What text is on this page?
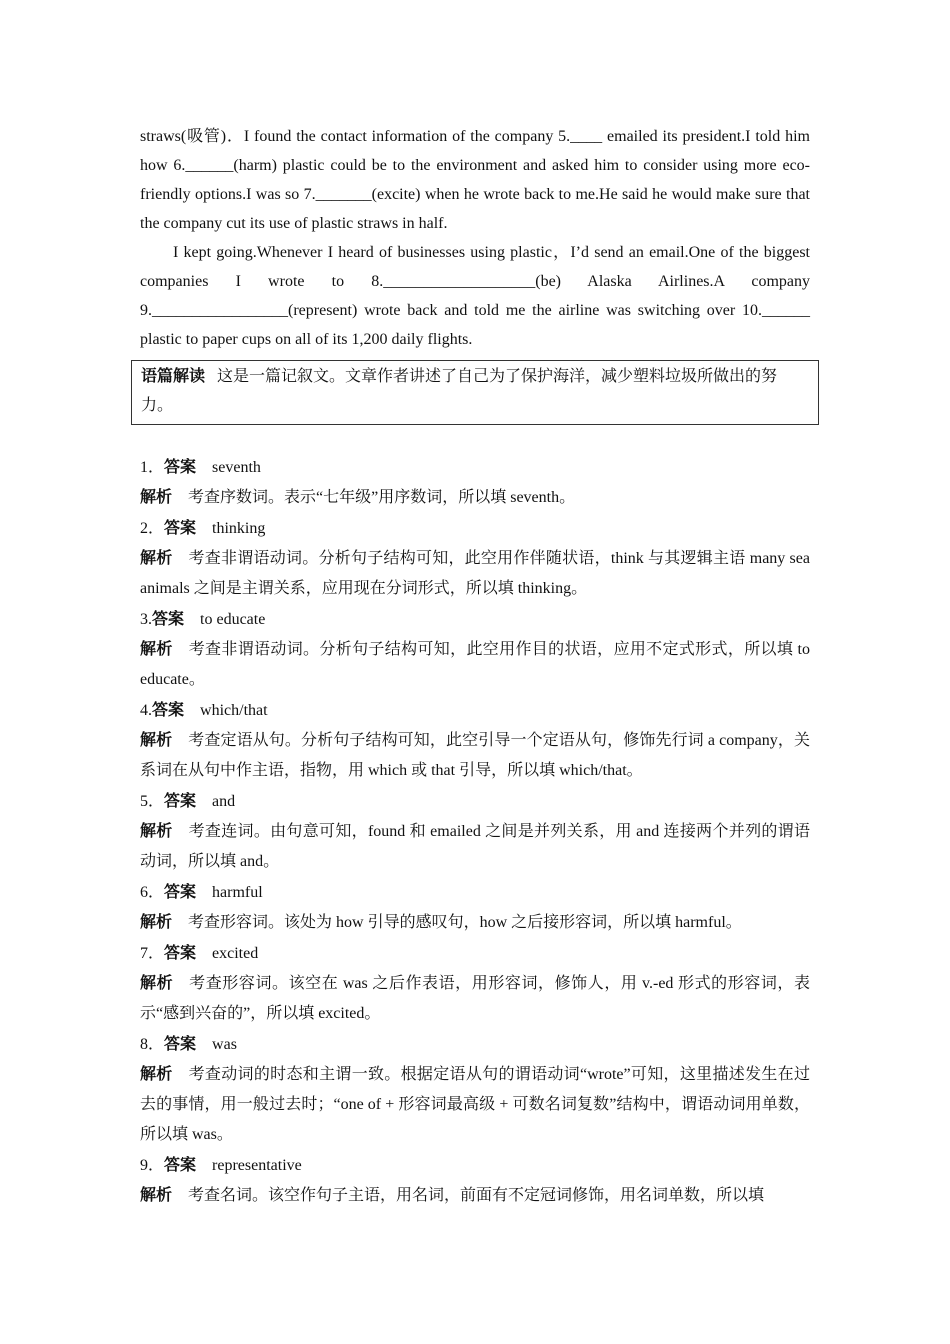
straws(吸管)．I found the contact information of the company 5.____ emailed its president.I told him how 6.______(harm) plastic could be to the environment and asked him to consider using more eco-friendly options.I was so 7._______(excite) when he wrote back to me.He said he would make sure that the company cut its use of plastic straws in half.

I kept going.Whenever I heard of businesses using plastic，I’d send an email.One of the biggest companies I wrote to 8.___________________(be) Alaska Airlines.A company 9._________________(represent) wrote back and told me the airline was switching over 10.______ plastic to paper cups on all of its 1,200 daily flights.

语篇解读 这是一篇记叙文。文章作者讲述了自己为了保护海洋，减少塑料垃圾所做出的努力。

1．答案 seventh

解析 考查序数词。表示“七年级”用序数词，所以填 seventh。

2．答案 thinking

解析 考查非谓语动词。分析句子结构可知，此空用作伴随状语，think 与其逻辑主语 many sea animals 之间是主谓关系，应用现在分词形式，所以填 thinking。

3.答案 to educate

解析 考查非谓语动词。分析句子结构可知，此空用作目的状语，应用不定式形式，所以填 to educate。

4.答案 which/that

解析 考查定语从句。分析句子结构可知，此空引导一个定语从句，修饰先行词 a company，关系词在从句中作主语，指物，用 which 或 that 引导，所以填 which/that。

5．答案 and

解析 考查连词。由句意可知，found 和 emailed 之间是并列关系，用 and 连接两个并列的谓语动词，所以填 and。

6．答案 harmful

解析 考查形容词。该处为 how 引导的感叹句，how 之后接形容词，所以填 harmful。

7．答案 excited

解析 考查形容词。该空在 was 之后作表语，用形容词，修饰人，用 v.-ed 形式的形容词，表示“感到兴奋的”，所以填 excited。

8．答案 was

解析 考查动词的时态和主谓一致。根据定语从句的谓语动词“wrote”可知，这里描述发生在过去的事情，用一般过去时；“one of + 形容词最高级 + 可数名词复数”结构中，谓语动词用单数，所以填 was。

9．答案 representative

解析 考查名词。该空作句子主语，用名词，前面有不定冠词修饰，用名词单数，所以填
